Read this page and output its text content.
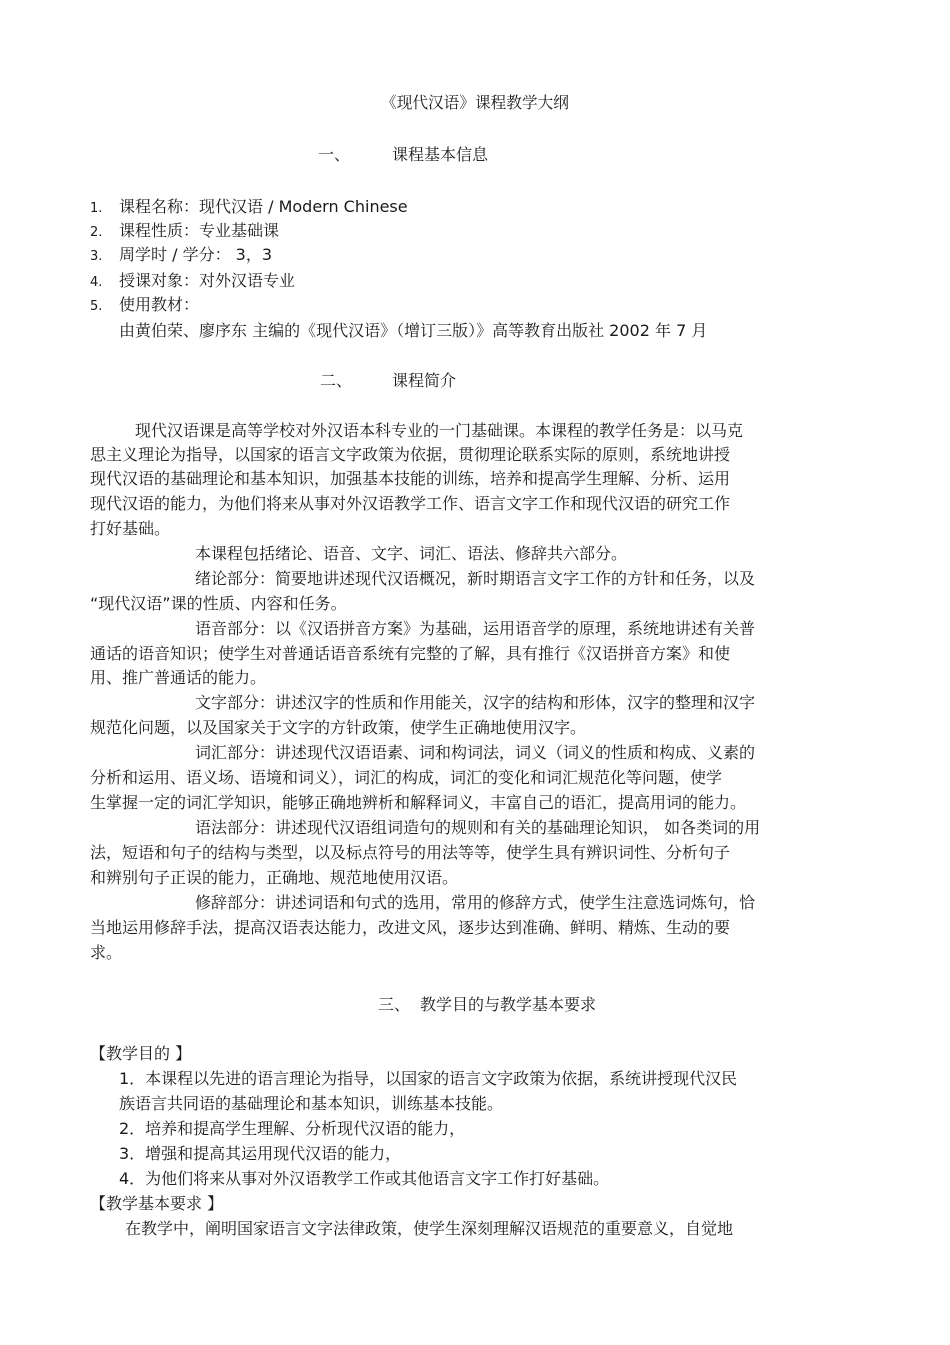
《现代汉语》课程教学大纲
一、	课程基本信息
1. 课程名称：现代汉语 / Modern Chinese
2. 课程性质：专业基础课
3. 周学时 / 学分： 3，3
4. 授课对象：对外汉语专业
5. 使用教材：
由黄伯荣、廖序东 主编的《现代汉语》（增订三版）》高等教育出版社 2002 年 7 月
二、 课程简介
现代汉语课是高等学校对外汉语本科专业的一门基础课。本课程的教学任务是：以马克
思主义理论为指导，以国家的语言文字政策为依据，贯彻理论联系实际的原则，系统地讲授
现代汉语的基础理论和基本知识，加强基本技能的训练，培养和提高学生理解、分析、运用
现代汉语的能力，为他们将来从事对外汉语教学工作、语言文字工作和现代汉语的研究工作
打好基础。
本课程包括绪论、语音、文字、词汇、语法、修辞共六部分。
绪论部分：简要地讲述现代汉语概况，新时期语言文字工作的方针和任务，以及
“现代汉语”课的性质、内容和任务。
语音部分：以《汉语拼音方案》为基础，运用语音学的原理，系统地讲述有关普
通话的语音知识；使学生对普通话语音系统有完整的了解，具有推行《汉语拼音方案》和使
用、推广普通话的能力。
文字部分：讲述汉字的性质和作用能关，汉字的结构和形体，汉字的整理和汉字
规范化问题，以及国家关于文字的方针政策，使学生正确地使用汉字。
词汇部分：讲述现代汉语语素、词和构词法，词义（词义的性质和构成、义素的
分析和运用、语义场、语境和词义），词汇的构成，词汇的变化和词汇规范化等问题，使学
生掌握一定的词汇学知识，能够正确地辨析和解释词义，丰富自己的语汇，提高用词的能力。
语法部分：讲述现代汉语组词造句的规则和有关的基础理论知识， 如各类词的用
法，短语和句子的结构与类型，以及标点符号的用法等等，使学生具有辨识词性、分析句子
和辨别句子正误的能力，正确地、规范地使用汉语。
修辞部分：讲述词语和句式的选用，常用的修辞方式，使学生注意选词炼句，恰
当地运用修辞手法，提高汉语表达能力，改进文风，逐步达到准确、鲜明、精炼、生动的要
求。
三、 教学目的与教学基本要求
【教学目的 】
1．本课程以先进的语言理论为指导，以国家的语言文字政策为依据，系统讲授现代汉民
族语言共同语的基础理论和基本知识，训练基本技能。
2．培养和提高学生理解、分析现代汉语的能力，
3．增强和提高其运用现代汉语的能力，
4．为他们将来从事对外汉语教学工作或其他语言文字工作打好基础。
【教学基本要求 】
在教学中，阐明国家语言文字法律政策，使学生深刻理解汉语规范的重要意义，自觉地
